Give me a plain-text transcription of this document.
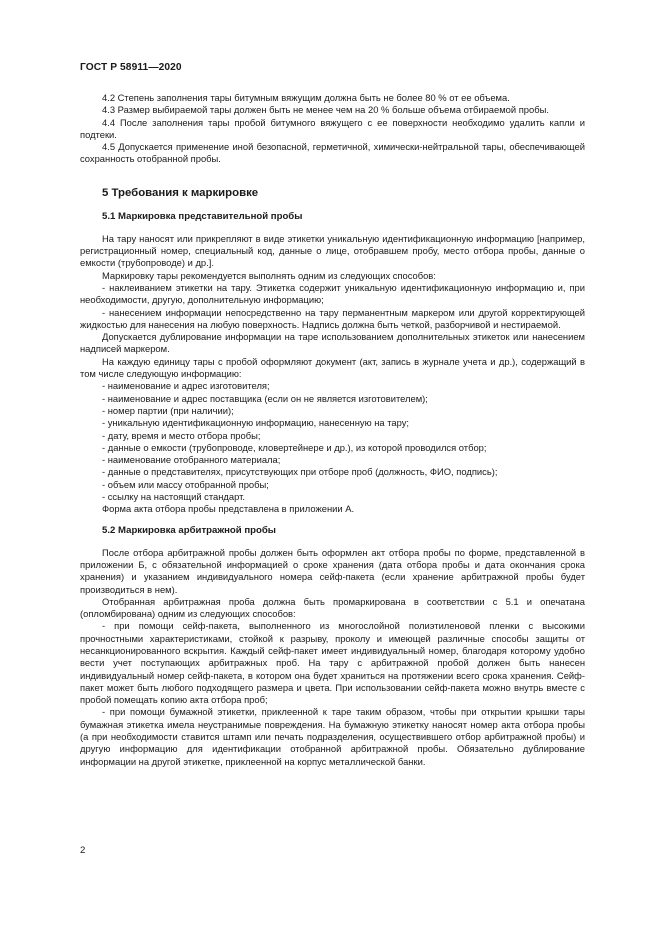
ГОСТ Р 58911—2020

4.2 Степень заполнения тары битумным вяжущим должна быть не более 80 % от ее объема.

4.3 Размер выбираемой тары должен быть не менее чем на 20 % больше объема отбираемой пробы.

4.4 После заполнения тары пробой битумного вяжущего с ее поверхности необходимо удалить капли и подтеки.

4.5 Допускается применение иной безопасной, герметичной, химически-нейтральной тары, обеспечивающей сохранность отобранной пробы.

5 Требования к маркировке
5.1 Маркировка представительной пробы

На тару наносят или прикрепляют в виде этикетки уникальную идентификационную информацию [например, регистрационный номер, специальный код, данные о лице, отобравшем пробу, место отбора пробы, данные о емкости (трубопроводе) и др.].

Маркировку тары рекомендуется выполнять одним из следующих способов:

- наклеиванием этикетки на тару. Этикетка содержит уникальную идентификационную информацию и, при необходимости, другую, дополнительную информацию;

- нанесением информации непосредственно на тару перманентным маркером или другой корректирующей жидкостью для нанесения на любую поверхность. Надпись должна быть четкой, разборчивой и нестираемой.

Допускается дублирование информации на таре использованием дополнительных этикеток или нанесением надписей маркером.

На каждую единицу тары с пробой оформляют документ (акт, запись в журнале учета и др.), содержащий в том числе следующую информацию:

- наименование и адрес изготовителя;

- наименование и адрес поставщика (если он не является изготовителем);

- номер партии (при наличии);

- уникальную идентификационную информацию, нанесенную на тару;

- дату, время и место отбора пробы;

- данные о емкости (трубопроводе, кловертейнере и др.), из которой проводился отбор;

- наименование отобранного материала;

- данные о представителях, присутствующих при отборе проб (должность, ФИО, подпись);

- объем или массу отобранной пробы;

- ссылку на настоящий стандарт.

Форма акта отбора пробы представлена в приложении А.

5.2 Маркировка арбитражной пробы

После отбора арбитражной пробы должен быть оформлен акт отбора пробы по форме, представленной в приложении Б, с обязательной информацией о сроке хранения (дата отбора пробы и дата окончания срока хранения) и указанием индивидуального номера сейф-пакета (если хранение арбитражной пробы будет производиться в нем).

Отобранная арбитражная проба должна быть промаркирована в соответствии с 5.1 и опечатана (опломбирована) одним из следующих способов:

- при помощи сейф-пакета, выполненного из многослойной полиэтиленовой пленки с высокими прочностными характеристиками, стойкой к разрыву, проколу и имеющей различные способы защиты от несанкционированного вскрытия. Каждый сейф-пакет имеет индивидуальный номер, благодаря которому удобно вести учет поступающих арбитражных проб. На тару с арбитражной пробой должен быть нанесен индивидуальный номер сейф-пакета, в котором она будет храниться на протяжении всего срока хранения. Сейф-пакет может быть любого подходящего размера и цвета. При использовании сейф-пакета можно внутрь вместе с пробой помещать копию акта отбора проб;

- при помощи бумажной этикетки, приклеенной к таре таким образом, чтобы при открытии крышки тары бумажная этикетка имела неустранимые повреждения. На бумажную этикетку наносят номер акта отбора пробы (а при необходимости ставится штамп или печать подразделения, осуществившего отбор арбитражной пробы) и другую информацию для идентификации отобранной арбитражной пробы. Обязательно дублирование информации на другой этикетке, приклеенной на корпус металлической банки.

2
